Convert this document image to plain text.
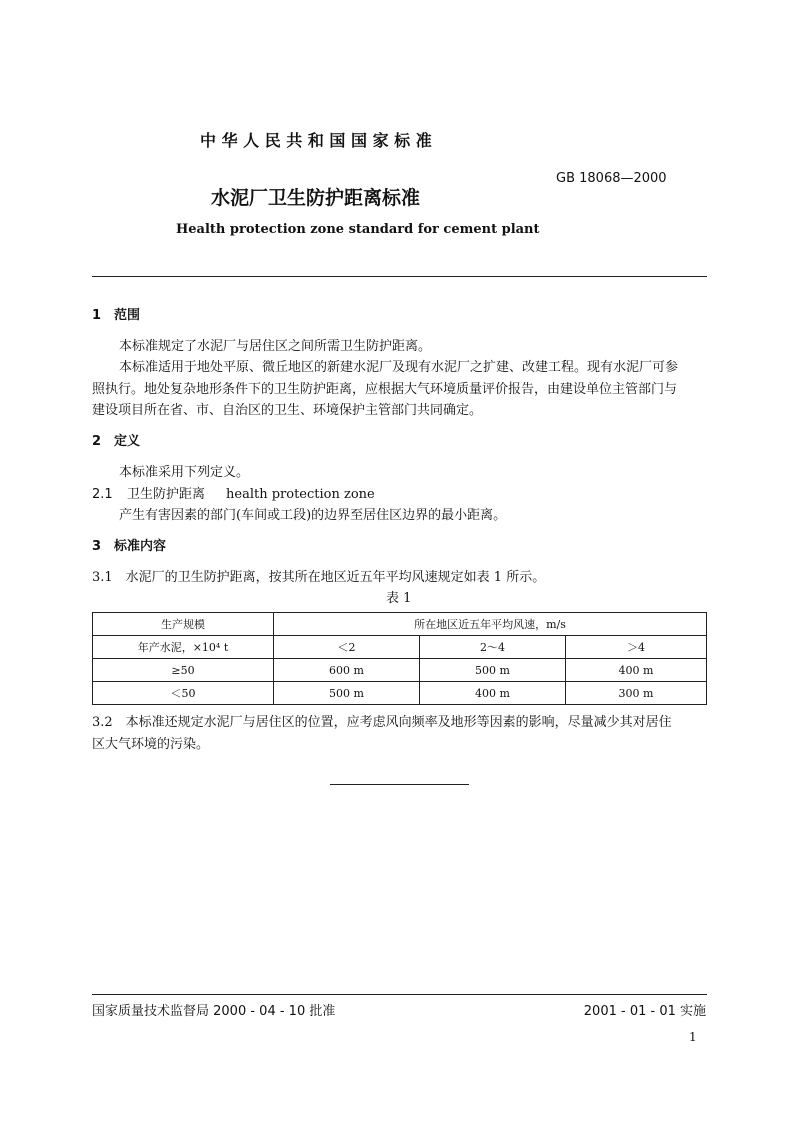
中 华 人 民 共 和 国 国 家 标 准
GB 18068—2000
水泥厂卫生防护距离标准
Health protection zone standard for cement plant
1　范围
本标准规定了水泥厂与居住区之间所需卫生防护距离。
本标准适用于地处平原、微丘地区的新建水泥厂及现有水泥厂之扩建、改建工程。现有水泥厂可参
照执行。地处复杂地形条件下的卫生防护距离，应根据大气环境质量评价报告，由建设单位主管部门与
建设项目所在省、市、自治区的卫生、环境保护主管部门共同确定。
2　定义
本标准采用下列定义。
2.1 卫生防护距离 health protection zone
产生有害因素的部门(车间或工段)的边界至居住区边界的最小距离。
3　标准内容
3.1　水泥厂的卫生防护距离，按其所在地区近五年平均风速规定如表 1 所示。
表 1
生产规模	所在地区近五年平均风速，m/s		
年产水泥，×10⁴ t	＜2	2～4	＞4
≥50	600 m	500 m	400 m
＜50	500 m	400 m	300 m
3.2　本标准还规定水泥厂与居住区的位置，应考虑风向频率及地形等因素的影响，尽量减少其对居住
区大气环境的污染。
国家质量技术监督局 2000 - 04 - 10 批准	2001 - 01 - 01 实施
1
